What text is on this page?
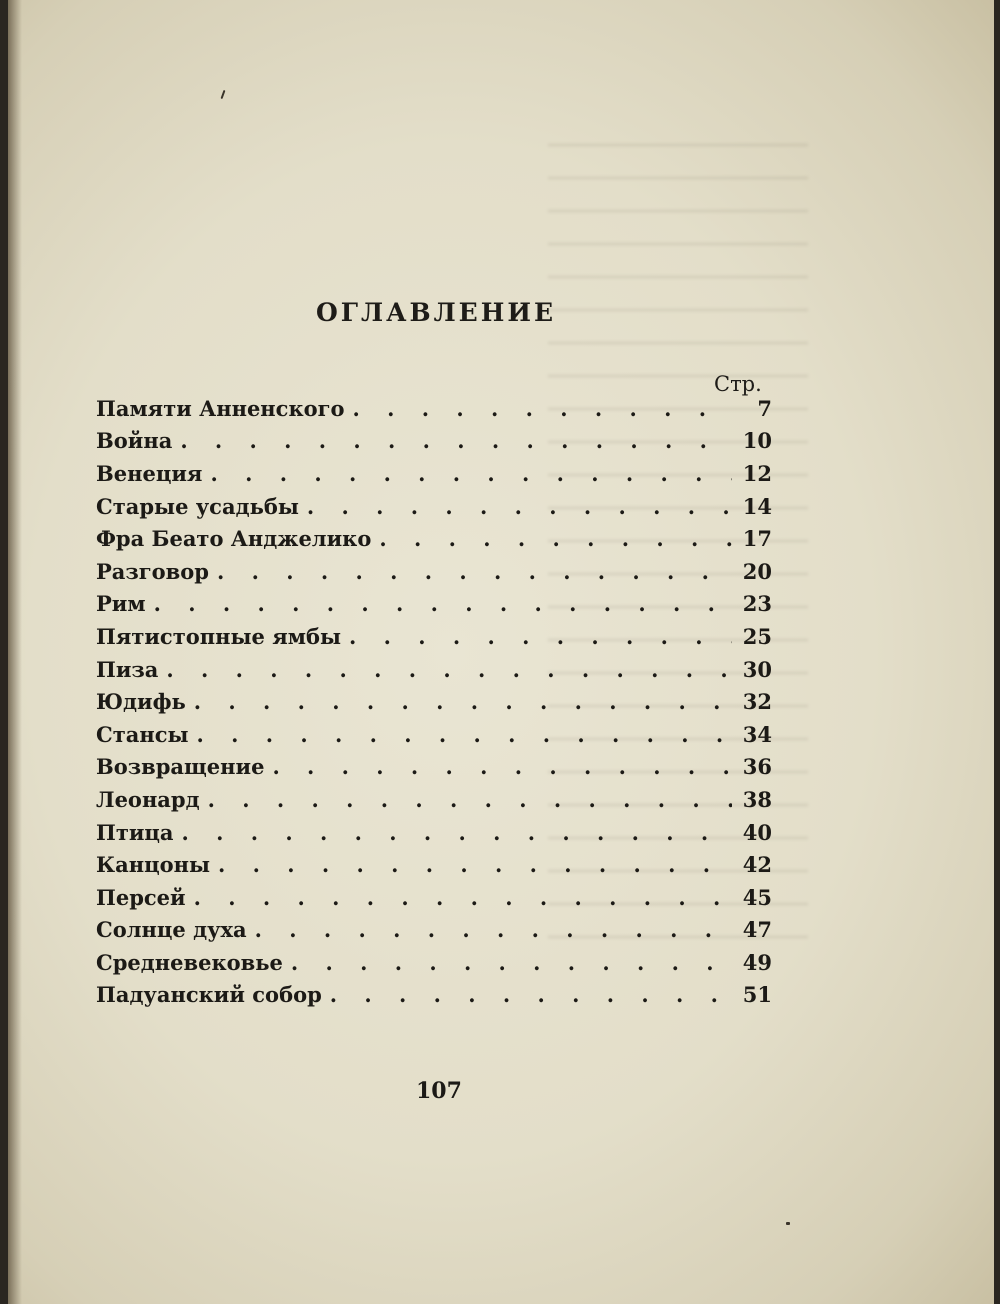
ОГЛАВЛЕНИЕ
Стр.
Памяти Анненского . . .	7
Война . . .	10
Венеция . . .	12
Старые усадьбы . . .	14
Фра Беато Анджелико . . .	17
Разговор . . .	20
Рим . . .	23
Пятистопные ямбы . . .	25
Пиза . . .	30
Юдифь . . .	32
Стансы . . .	34
Возвращение . . .	36
Леонард . . .	38
Птица . . .	40
Канцоны . . .	42
Персей . . .	45
Солнце духа . . .	47
Средневековье . . .	49
Падуанский собор . . .	51
107
